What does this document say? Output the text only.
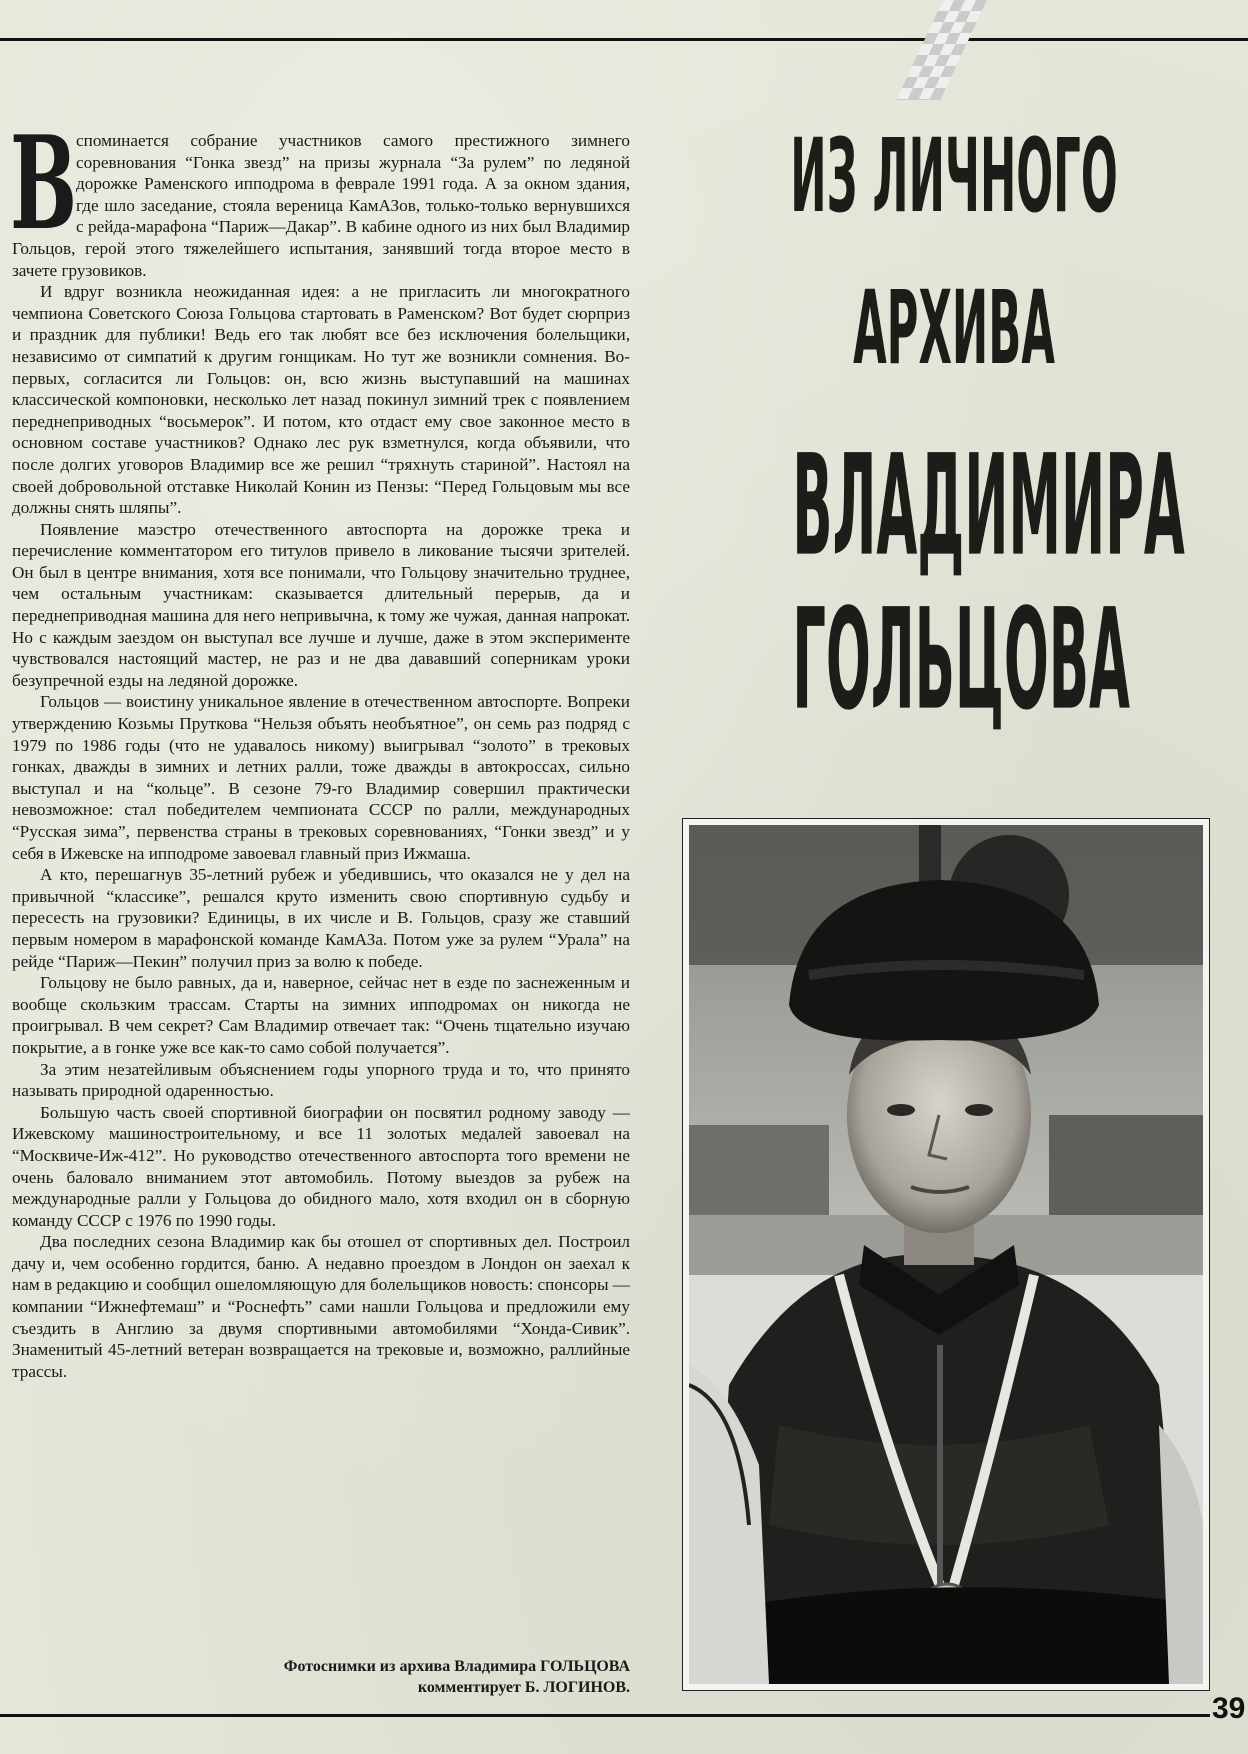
В
споминается собрание участников самого престижного зимнего соревнования “Гонка звезд” на призы журнала “За рулем” по ледяной дорожке Раменского ипподрома в феврале 1991 года. А за окном здания, где шло заседание, стояла вереница КамАЗов, только-только вернувшихся с рейда-марафона “Париж—Дакар”. В кабине одного из них был Владимир Гольцов, герой этого тяжелейшего испытания, занявший тогда второе место в зачете грузовиков.

И вдруг возникла неожиданная идея: а не пригласить ли многократного чемпиона Советского Союза Гольцова стартовать в Раменском? Вот будет сюрприз и праздник для публики! Ведь его так любят все без исключения болельщики, независимо от симпатий к другим гонщикам. Но тут же возникли сомнения. Во-первых, согласится ли Гольцов: он, всю жизнь выступавший на машинах классической компоновки, несколько лет назад покинул зимний трек с появлением переднеприводных “восьмерок”. И потом, кто отдаст ему свое законное место в основном составе участников? Однако лес рук взметнулся, когда объявили, что после долгих уговоров Владимир все же решил “тряхнуть стариной”. Настоял на своей добровольной отставке Николай Конин из Пензы: “Перед Гольцовым мы все должны снять шляпы”.

Появление маэстро отечественного автоспорта на дорожке трека и перечисление комментатором его титулов привело в ликование тысячи зрителей. Он был в центре внимания, хотя все понимали, что Гольцову значительно труднее, чем остальным участникам: сказывается длительный перерыв, да и переднеприводная машина для него непривычна, к тому же чужая, данная напрокат. Но с каждым заездом он выступал все лучше и лучше, даже в этом эксперименте чувствовался настоящий мастер, не раз и не два дававший соперникам уроки безупречной езды на ледяной дорожке.

Гольцов — воистину уникальное явление в отечественном автоспорте. Вопреки утверждению Козьмы Пруткова “Нельзя объять необъятное”, он семь раз подряд с 1979 по 1986 годы (что не удавалось никому) выигрывал “золото” в трековых гонках, дважды в зимних и летних ралли, тоже дважды в автокроссах, сильно выступал и на “кольце”. В сезоне 79-го Владимир совершил практически невозможное: стал победителем чемпионата СССР по ралли, международных “Русская зима”, первенства страны в трековых соревнованиях, “Гонки звезд” и у себя в Ижевске на ипподроме завоевал главный приз Ижмаша.

А кто, перешагнув 35-летний рубеж и убедившись, что оказался не у дел на привычной “классике”, решался круто изменить свою спортивную судьбу и пересесть на грузовики? Единицы, в их числе и В. Гольцов, сразу же ставший первым номером в марафонской команде КамАЗа. Потом уже за рулем “Урала” на рейде “Париж—Пекин” получил приз за волю к победе.

Гольцову не было равных, да и, наверное, сейчас нет в езде по заснеженным и вообще скользким трассам. Старты на зимних ипподромах он никогда не проигрывал. В чем секрет? Сам Владимир отвечает так: “Очень тщательно изучаю покрытие, а в гонке уже все как-то само собой получается”.

За этим незатейливым объяснением годы упорного труда и то, что принято называть природной одаренностью.

Большую часть своей спортивной биографии он посвятил родному заводу — Ижевскому машиностроительному, и все 11 золотых медалей завоевал на “Москвиче-Иж-412”. Но руководство отечественного автоспорта того времени не очень баловало вниманием этот автомобиль. Потому выездов за рубеж на международные ралли у Гольцова до обидного мало, хотя входил он в сборную команду СССР с 1976 по 1990 годы.

Два последних сезона Владимир как бы отошел от спортивных дел. Построил дачу и, чем особенно гордится, баню. А недавно проездом в Лондон он заехал к нам в редакцию и сообщил ошеломляющую для болельщиков новость: спонсоры — компании “Ижнефтемаш” и “Роснефть” сами нашли Гольцова и предложили ему съездить в Англию за двумя спортивными автомобилями “Хонда-Сивик”. Знаменитый 45-летний ветеран возвращается на трековые и, возможно, раллийные трассы.

ИЗ ЛИЧНОГО
АРХИВА
ВЛАДИМИРА
ГОЛЬЦОВА
Фотоснимки из архива Владимира ГОЛЬЦОВА
комментирует Б. ЛОГИНОВ.
39
